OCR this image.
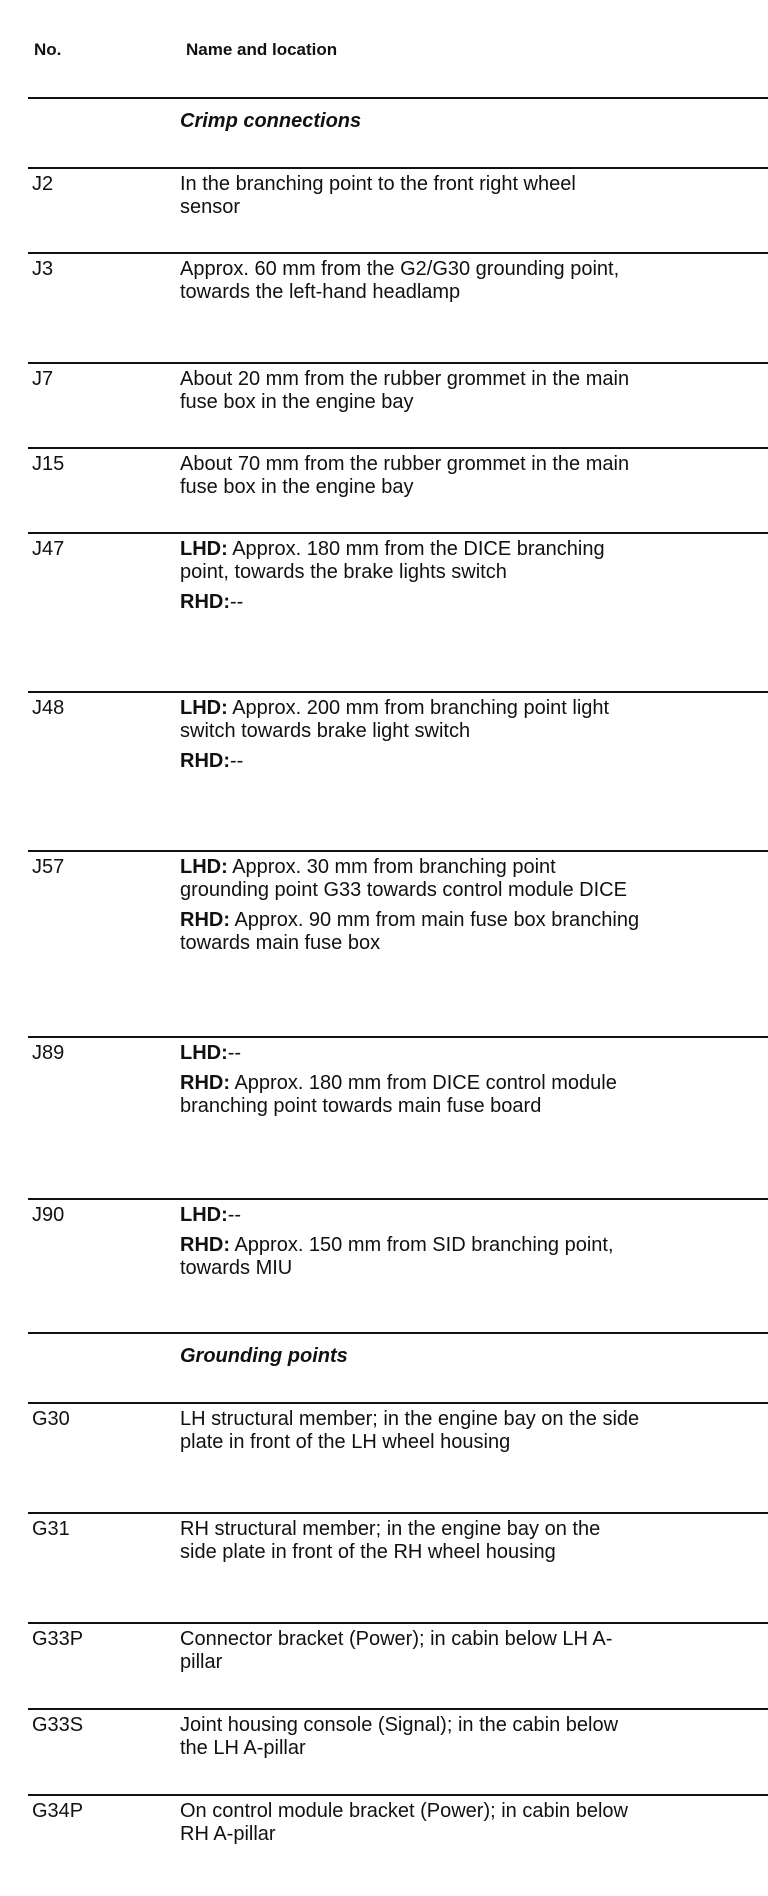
No.	Name and location
Crimp connections
J2	In the branching point to the front right wheel sensor
J3	Approx. 60 mm from the G2/G30 grounding point, towards the left-hand headlamp
J7	About 20 mm from the rubber grommet in the main fuse box in the engine bay
J15	About 70 mm from the rubber grommet in the main fuse box in the engine bay
J47	LHD: Approx. 180 mm from the DICE branching point, towards the brake lights switch
RHD:--
J48	LHD: Approx. 200 mm from branching point light switch towards brake light switch
RHD:--
J57	LHD: Approx. 30 mm from branching point grounding point G33 towards control module DICE
RHD: Approx. 90 mm from main fuse box branching towards main fuse box
J89	LHD:--
RHD: Approx. 180 mm from DICE control module branching point towards main fuse board
J90	LHD:--
RHD: Approx. 150 mm from SID branching point, towards MIU
Grounding points
G30	LH structural member; in the engine bay on the side plate in front of the LH wheel housing
G31	RH structural member; in the engine bay on the side plate in front of the RH wheel housing
G33P	Connector bracket (Power); in cabin below LH A-pillar
G33S	Joint housing console (Signal); in the cabin below the LH A-pillar
G34P	On control module bracket (Power); in cabin below RH A-pillar
